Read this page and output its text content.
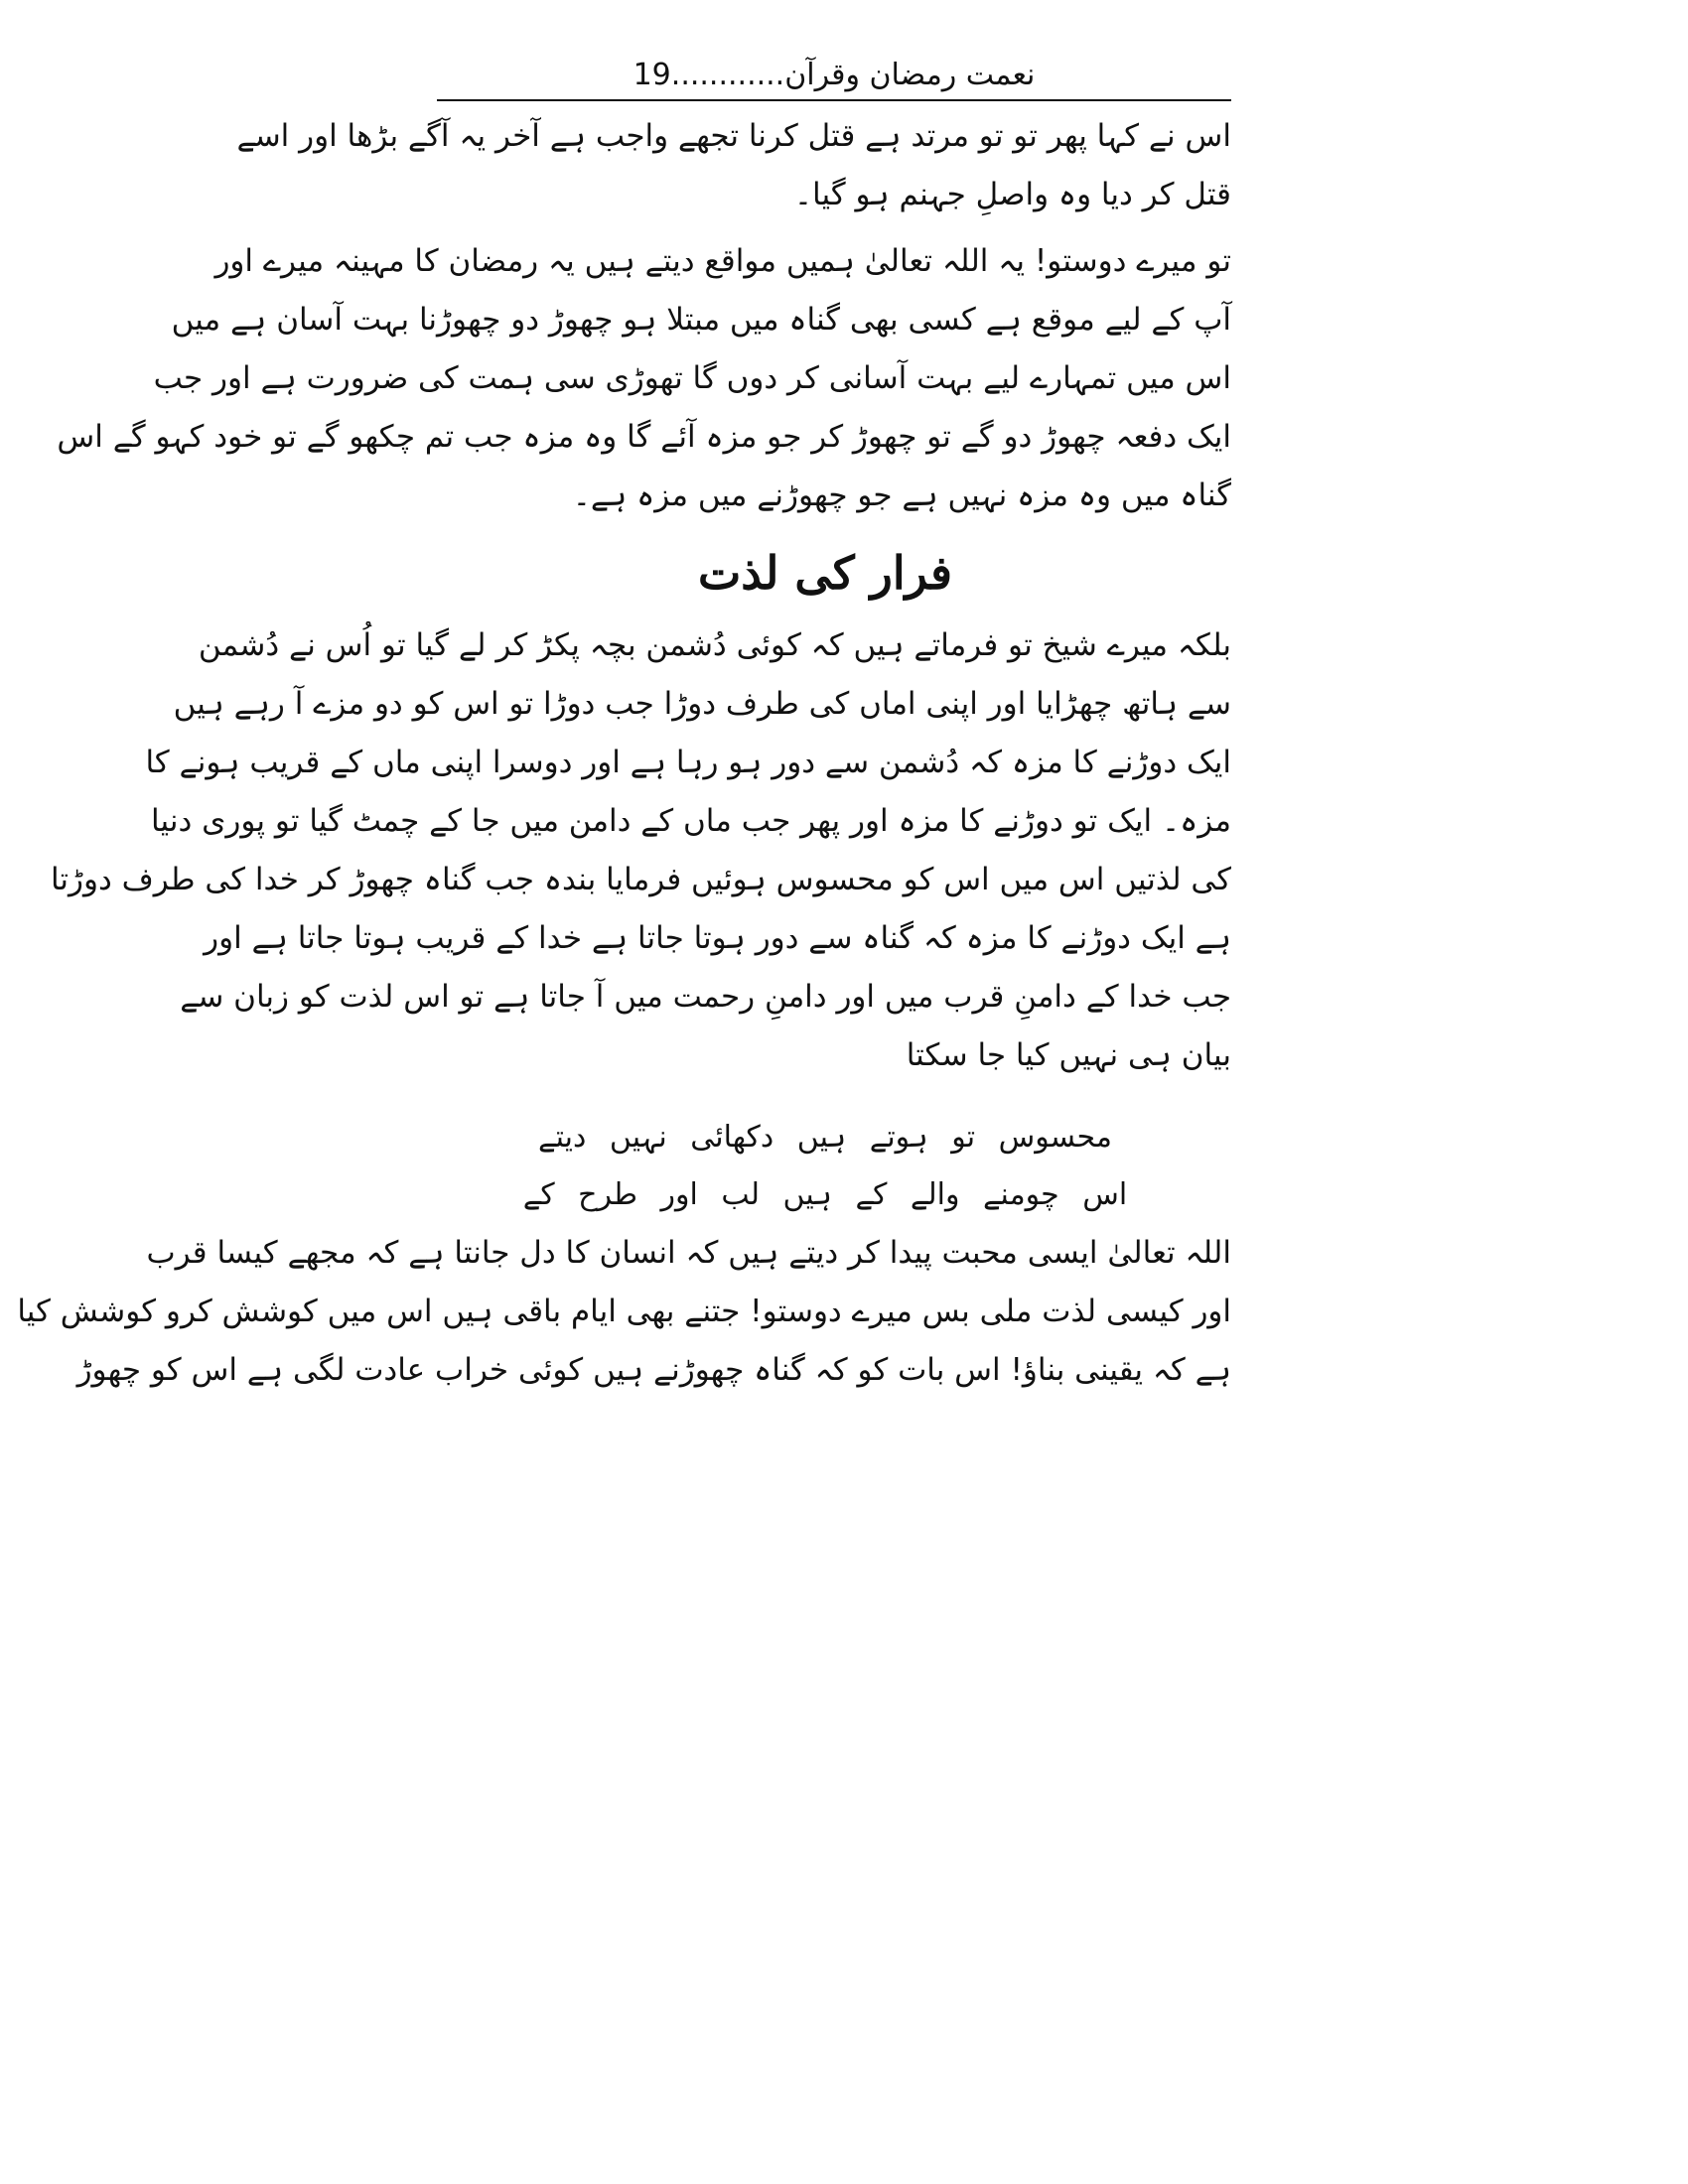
نعمت رمضان وقرآن............19

اس نے کہا پھر تو تو مرتد ہے قتل کرنا تجھے واجب ہے آخر یہ آگے بڑھا اور اسے

قتل کر دیا وہ واصلِ جہنم ہو گیا۔

تو میرے دوستو! یہ اللہ تعالیٰ ہمیں مواقع دیتے ہیں یہ رمضان کا مہینہ میرے اور

آپ کے لیے موقع ہے کسی بھی گناہ میں مبتلا ہو چھوڑ دو چھوڑنا بہت آسان ہے میں

اس میں تمہارے لیے بہت آسانی کر دوں گا تھوڑی سی ہمت کی ضرورت ہے اور جب

ایک دفعہ چھوڑ دو گے تو چھوڑ کر جو مزہ آئے گا وہ مزہ جب تم چکھو گے تو خود کہو گے اس

گناہ میں وہ مزہ نہیں ہے جو چھوڑنے میں مزہ ہے۔

فرار کی لذت

بلکہ میرے شیخ تو فرماتے ہیں کہ کوئی دُشمن بچہ پکڑ کر لے گیا تو اُس نے دُشمن

سے ہاتھ چھڑایا اور اپنی اماں کی طرف دوڑا جب دوڑا تو اس کو دو مزے آ رہے ہیں

ایک دوڑنے کا مزہ کہ دُشمن سے دور ہو رہا ہے اور دوسرا اپنی ماں کے قریب ہونے کا

مزہ۔ ایک تو دوڑنے کا مزہ اور پھر جب ماں کے دامن میں جا کے چمٹ گیا تو پوری دنیا

کی لذتیں اس میں اس کو محسوس ہوئیں فرمایا بندہ جب گناہ چھوڑ کر خدا کی طرف دوڑتا

ہے ایک دوڑنے کا مزہ کہ گناہ سے دور ہوتا جاتا ہے خدا کے قریب ہوتا جاتا ہے اور

جب خدا کے دامنِ قرب میں اور دامنِ رحمت میں آ جاتا ہے تو اس لذت کو زبان سے

بیان ہی نہیں کیا جا سکتا

محسوس تو ہوتے ہیں دکھائی نہیں دیتے
اس چومنے والے کے ہیں لب اور طرح کے

اللہ تعالیٰ ایسی محبت پیدا کر دیتے ہیں کہ انسان کا دل جانتا ہے کہ مجھے کیسا قرب

اور کیسی لذت ملی بس میرے دوستو! جتنے بھی ایام باقی ہیں اس میں کوشش کرو کوشش کیا

ہے کہ یقینی بناؤ! اس بات کو کہ گناہ چھوڑنے ہیں کوئی خراب عادت لگی ہے اس کو چھوڑ
